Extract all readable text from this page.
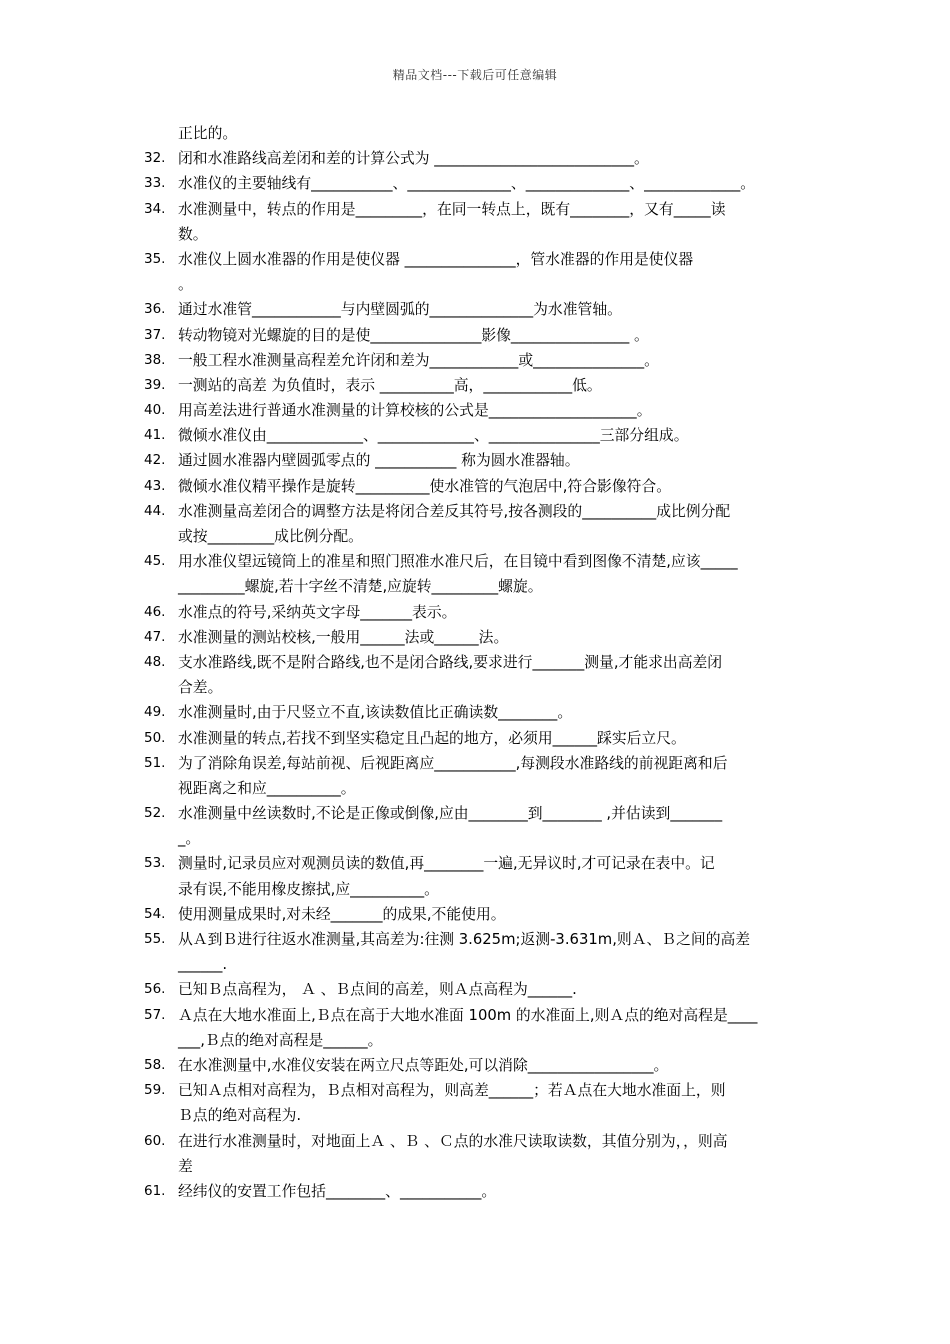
精品文档---下载后可任意编辑
正比的。
32. 闭和水准路线高差闭和差的计算公式为 ___________________________。
33. 水准仪的主要轴线有___________、______________、______________、_____________。
34. 水准测量中，转点的作用是_________，在同一转点上，既有________，又有_____读
数。
35. 水准仪上圆水准器的作用是使仪器 _______________，管水准器的作用是使仪器
。
36. 通过水准管____________与内壁圆弧的______________为水准管轴。
37. 转动物镜对光螺旋的目的是使_______________影像________________ 。
38. 一般工程水准测量高程差允许闭和差为____________或_______________。
39. 一测站的高差 为负值时，表示 __________高，____________低。
40. 用高差法进行普通水准测量的计算校核的公式是____________________。
41. 微倾水准仪由_____________、_____________、_______________三部分组成。
42. 通过圆水准器内壁圆弧零点的 ___________ 称为圆水准器轴。
43. 微倾水准仪精平操作是旋转__________使水准管的气泡居中,符合影像符合。
44. 水准测量高差闭合的调整方法是将闭合差反其符号,按各测段的__________成比例分配
或按_________成比例分配。
45. 用水准仪望远镜筒上的准星和照门照准水准尺后，在目镜中看到图像不清楚,应该_____
_________螺旋,若十字丝不清楚,应旋转_________螺旋。
46. 水准点的符号,采纳英文字母_______表示。
47. 水准测量的测站校核,一般用______法或______法。
48. 支水准路线,既不是附合路线,也不是闭合路线,要求进行_______测量,才能求出高差闭
合差。
49. 水准测量时,由于尺竖立不直,该读数值比正确读数________。
50. 水准测量的转点,若找不到坚实稳定且凸起的地方，必须用______踩实后立尺。
51. 为了消除角误差,每站前视、后视距离应___________,每测段水准路线的前视距离和后
视距离之和应__________。
52. 水准测量中丝读数时,不论是正像或倒像,应由________到________ ,并估读到_______
_。
53. 测量时,记录员应对观测员读的数值,再________一遍,无异议时,才可记录在表中。记
录有误,不能用橡皮擦拭,应__________。
54. 使用测量成果时,对未经_______的成果,不能使用。
55. 从Ａ到Ｂ进行往返水准测量,其高差为:往测 3.625m;返测-3.631m,则Ａ、Ｂ之间的高差
______.
56. 已知Ｂ点高程为， Ａ 、Ｂ点间的高差，则Ａ点高程为______.
57. Ａ点在大地水准面上,Ｂ点在高于大地水准面 100m 的水准面上,则Ａ点的绝对高程是____
___,Ｂ点的绝对高程是______。
58. 在水准测量中,水准仪安装在两立尺点等距处,可以消除_________________。
59. 已知Ａ点相对高程为，Ｂ点相对高程为，则高差______；若Ａ点在大地水准面上，则
Ｂ点的绝对高程为.
60. 在进行水准测量时，对地面上Ａ 、Ｂ 、Ｃ点的水准尺读取读数，其值分别为，，则高
差
61. 经纬仪的安置工作包括________、___________。
